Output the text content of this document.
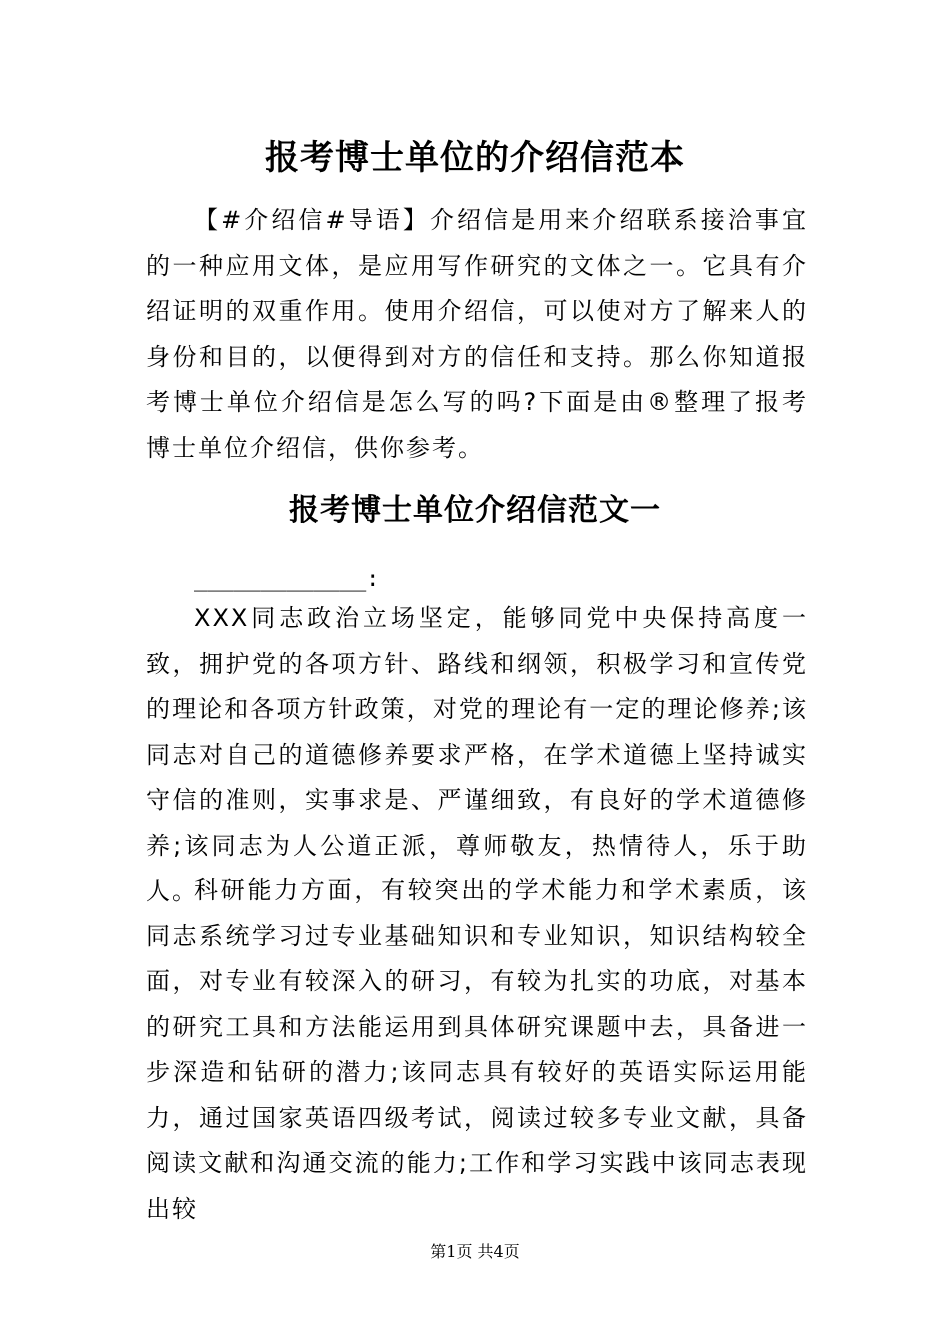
报考博士单位的介绍信范本
【#介绍信#导语】介绍信是用来介绍联系接洽事宜的一种应用文体，是应用写作研究的文体之一。它具有介绍证明的双重作用。使用介绍信，可以使对方了解来人的身份和目的，以便得到对方的信任和支持。那么你知道报考博士单位介绍信是怎么写的吗?下面是由®整理了报考博士单位介绍信，供你参考。
报考博士单位介绍信范文一
_____________:
XXX同志政治立场坚定，能够同党中央保持高度一致，拥护党的各项方针、路线和纲领，积极学习和宣传党的理论和各项方针政策，对党的理论有一定的理论修养;该同志对自己的道德修养要求严格，在学术道德上坚持诚实守信的准则，实事求是、严谨细致，有良好的学术道德修养;该同志为人公道正派，尊师敬友，热情待人，乐于助人。
科研能力方面，有较突出的学术能力和学术素质，该同志系统学习过专业基础知识和专业知识，知识结构较全面，对专业有较深入的研习，有较为扎实的功底，对基本的研究工具和方法能运用到具体研究课题中去，具备进一步深造和钻研的潜力;该同志具有较好的英语实际运用能力，通过国家英语四级考试，阅读过较多专业文献，具备阅读文献和沟通交流的能力;工作和学习实践中该同志表现出较
第1页 共4页
